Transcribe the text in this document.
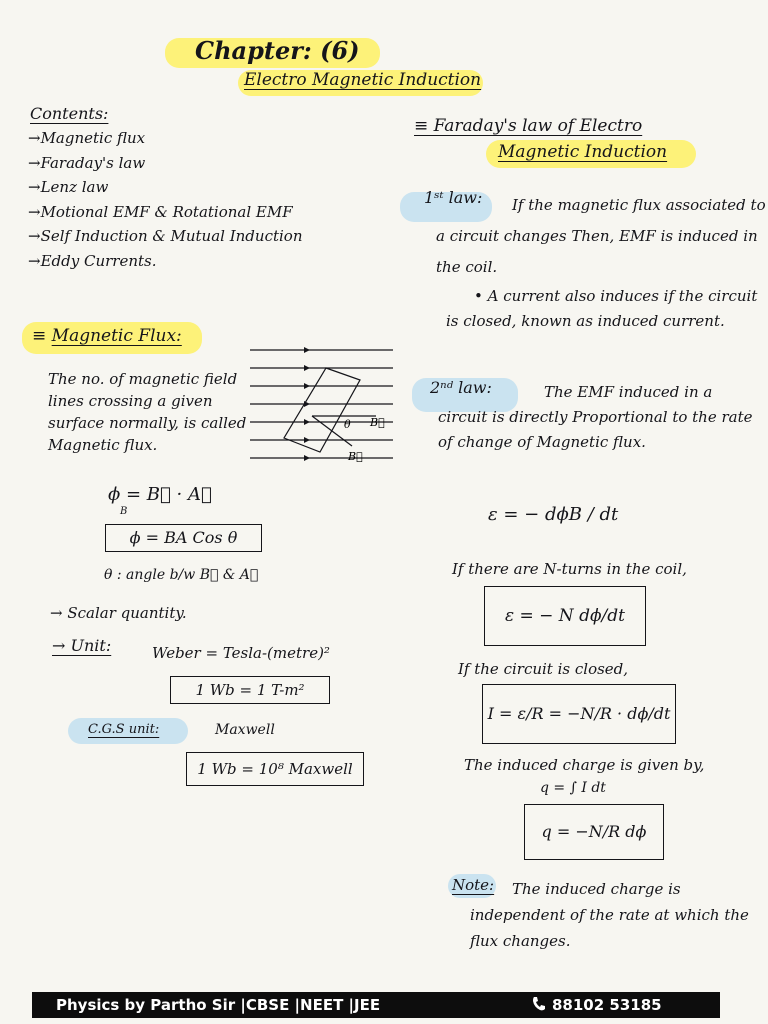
Chapter: (6)
Electro Magnetic Induction
Contents:
→ Magnetic flux
→ Faraday's law
→ Lenz law
→ Motional EMF & Rotational EMF
→ Self Induction & Mutual Induction
→ Eddy Currents.
≡ Magnetic Flux:
The no. of magnetic field lines crossing a given surface normally, is called Magnetic flux.
B⃗
B⃗
θ
ϕ = B⃗ · A⃗
B
ϕ = BA Cos θ
θ : angle b/w B⃗ & A⃗
→ Scalar quantity.
→ Unit:	Weber = Tesla-(metre)²
1 Wb = 1 T-m²
C.G.S unit:	Maxwell
1 Wb = 10⁸ Maxwell
≡ Faraday's law of Electro
Magnetic Induction
If the magnetic flux associated to a circuit changes Then, EMF is induced in the coil.
1ˢᵗ law:
• A current also induces if the circuit is closed, known as induced current.
The EMF induced in a circuit is directly Proportional to the rate of change of Magnetic flux.
2ⁿᵈ law:
ε = − dϕB / dt
If there are N-turns in the coil,
ε = − N dϕ/dt
If the circuit is closed,
I = ε/R = −N/R · dϕ/dt
The induced charge is given by,
q = ∫ I dt
q = −N/R dϕ
The induced charge is independent of the rate at which the flux changes.
Note:
Physics by Partho Sir |CBSE |NEET |JEE	88102 53185
